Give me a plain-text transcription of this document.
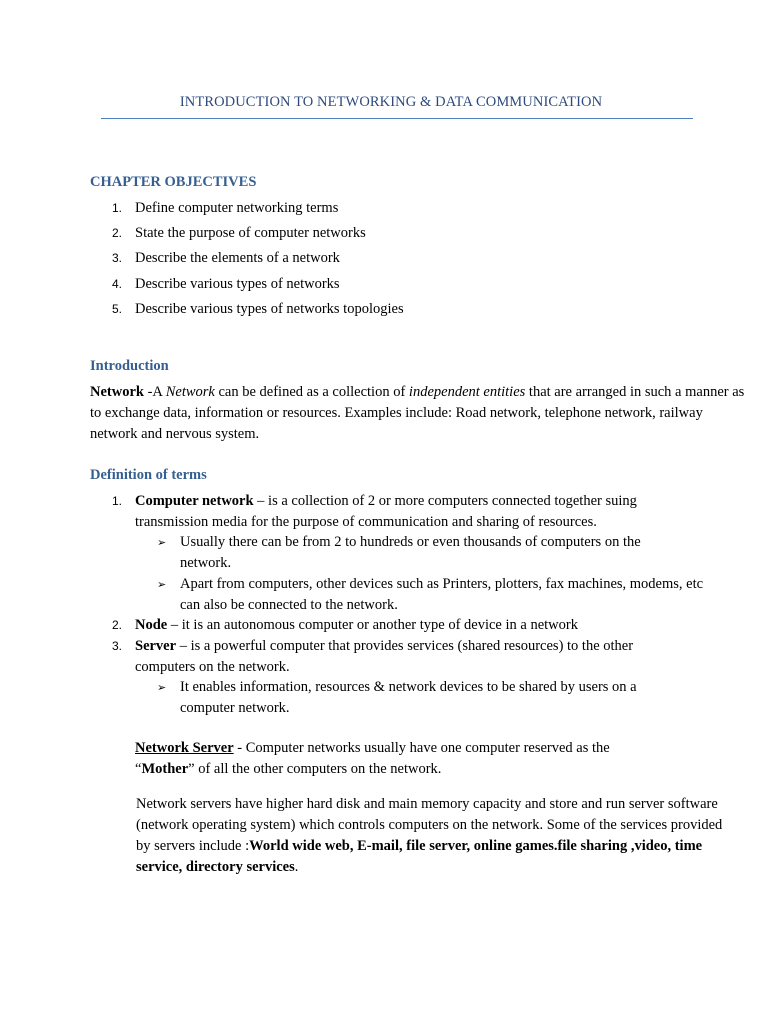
INTRODUCTION TO NETWORKING & DATA COMMUNICATION
CHAPTER OBJECTIVES
1. Define computer networking terms
2. State the purpose of computer networks
3. Describe the elements of a network
4. Describe various types of networks
5. Describe various types of networks topologies
Introduction
Network -A Network can be defined as a collection of independent entities that are arranged in such a manner as to exchange data, information or resources. Examples include: Road network, telephone network, railway network and nervous system.
Definition of terms
1. Computer network – is a collection of 2 or more computers connected together suing transmission media for the purpose of communication and sharing of resources.
➢ Usually there can be from 2 to hundreds or even thousands of computers on the network.
➢ Apart from computers, other devices such as Printers, plotters, fax machines, modems, etc can also be connected to the network.
2. Node – it is an autonomous computer or another type of device in a network
3. Server – is a powerful computer that provides services (shared resources) to the other computers on the network.
➢ It enables information, resources & network devices to be shared by users on a computer network.
Network Server - Computer networks usually have one computer reserved as the “Mother” of all the other computers on the network.
Network servers have higher hard disk and main memory capacity and store and run server software (network operating system) which controls computers on the network. Some of the services provided by servers include :World wide web, E-mail, file server, online games.file sharing ,video, time service, directory services.
